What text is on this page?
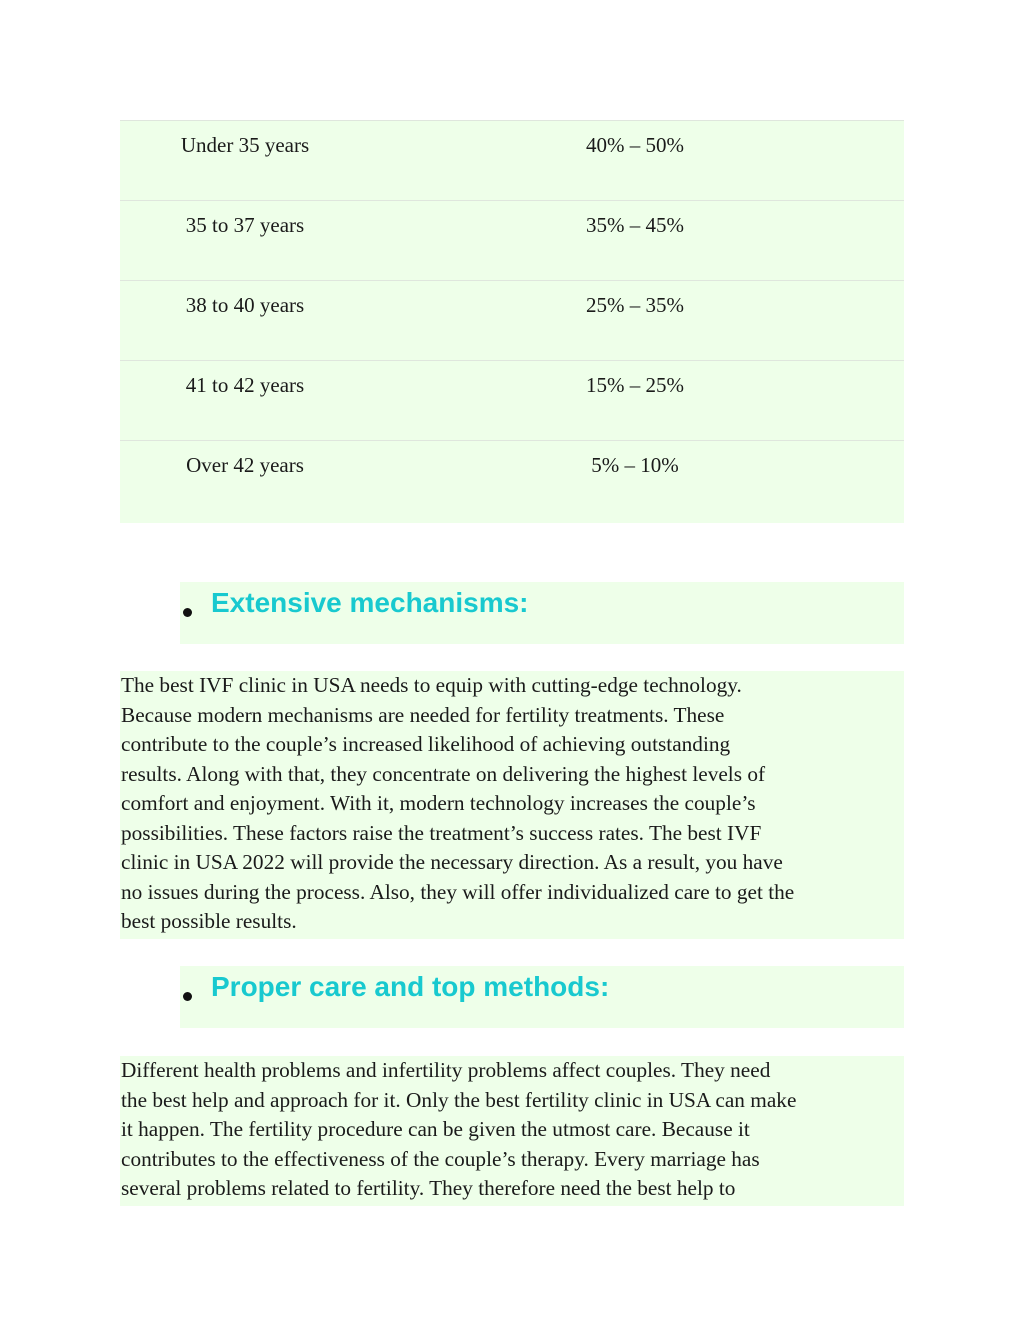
Under 35 years	40% – 50%
35 to 37 years	35% – 45%
38 to 40 years	25% – 35%
41 to 42 years	15% – 25%
Over 42 years	5% – 10%
Extensive mechanisms:
The best IVF clinic in USA needs to equip with cutting-edge technology.
Because modern mechanisms are needed for fertility treatments. These
contribute to the couple’s increased likelihood of achieving outstanding
results. Along with that, they concentrate on delivering the highest levels of
comfort and enjoyment. With it, modern technology increases the couple’s
possibilities. These factors raise the treatment’s success rates. The best IVF
clinic in USA 2022 will provide the necessary direction. As a result, you have
no issues during the process. Also, they will offer individualized care to get the
best possible results.
Proper care and top methods:
Different health problems and infertility problems affect couples. They need
the best help and approach for it. Only the best fertility clinic in USA can make
it happen. The fertility procedure can be given the utmost care. Because it
contributes to the effectiveness of the couple’s therapy. Every marriage has
several problems related to fertility. They therefore need the best help to
